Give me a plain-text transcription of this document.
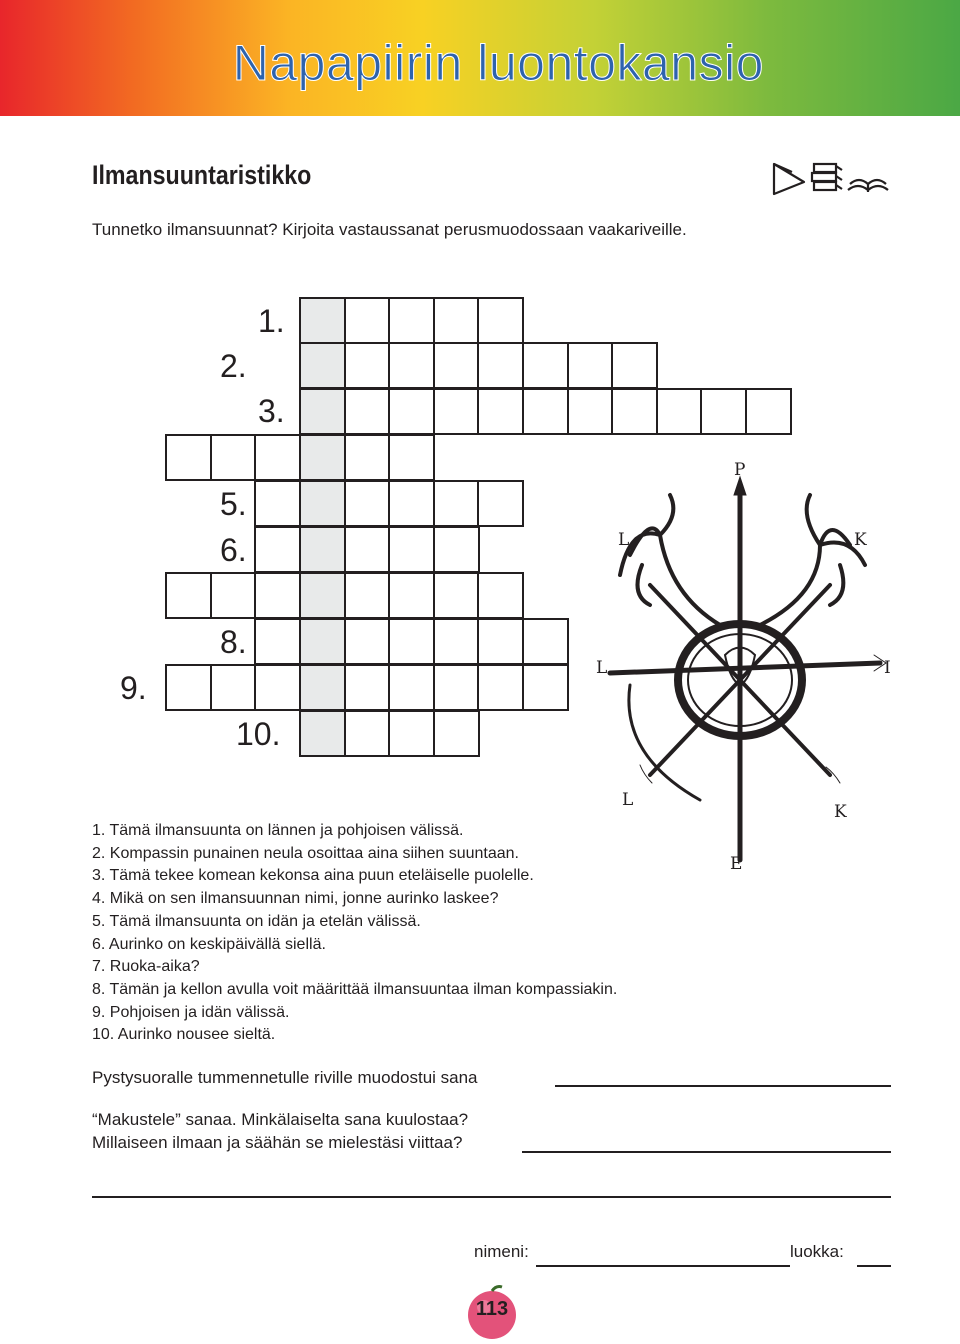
Napapiirin luontokansio
Ilmansuuntaristikko
Tunnetko ilmansuunnat? Kirjoita vastaussanat perusmuodossaan vaakariveille.
1.
2.
3.
5.
6.
8.
9.
10.
P
E
I
L
L
L
K
K
1. Tämä ilmansuunta on lännen ja pohjoisen välissä.
2. Kompassin punainen neula osoittaa aina siihen suuntaan.
3. Tämä tekee komean kekonsa aina puun eteläiselle puolelle.
4. Mikä on sen ilmansuunnan nimi, jonne aurinko laskee?
5. Tämä ilmansuunta on idän ja etelän välissä.
6. Aurinko on keskipäivällä siellä.
7. Ruoka-aika?
8. Tämän ja kellon avulla voit määrittää ilmansuuntaa ilman kompassiakin.
9. Pohjoisen ja idän välissä.
10. Aurinko nousee sieltä.
Pystysuoralle tummennetulle riville muodostui sana
“Makustele” sanaa. Minkälaiselta sana kuulostaa?
Millaiseen ilmaan ja säähän se mielestäsi viittaa?
nimeni:	luokka:
113
